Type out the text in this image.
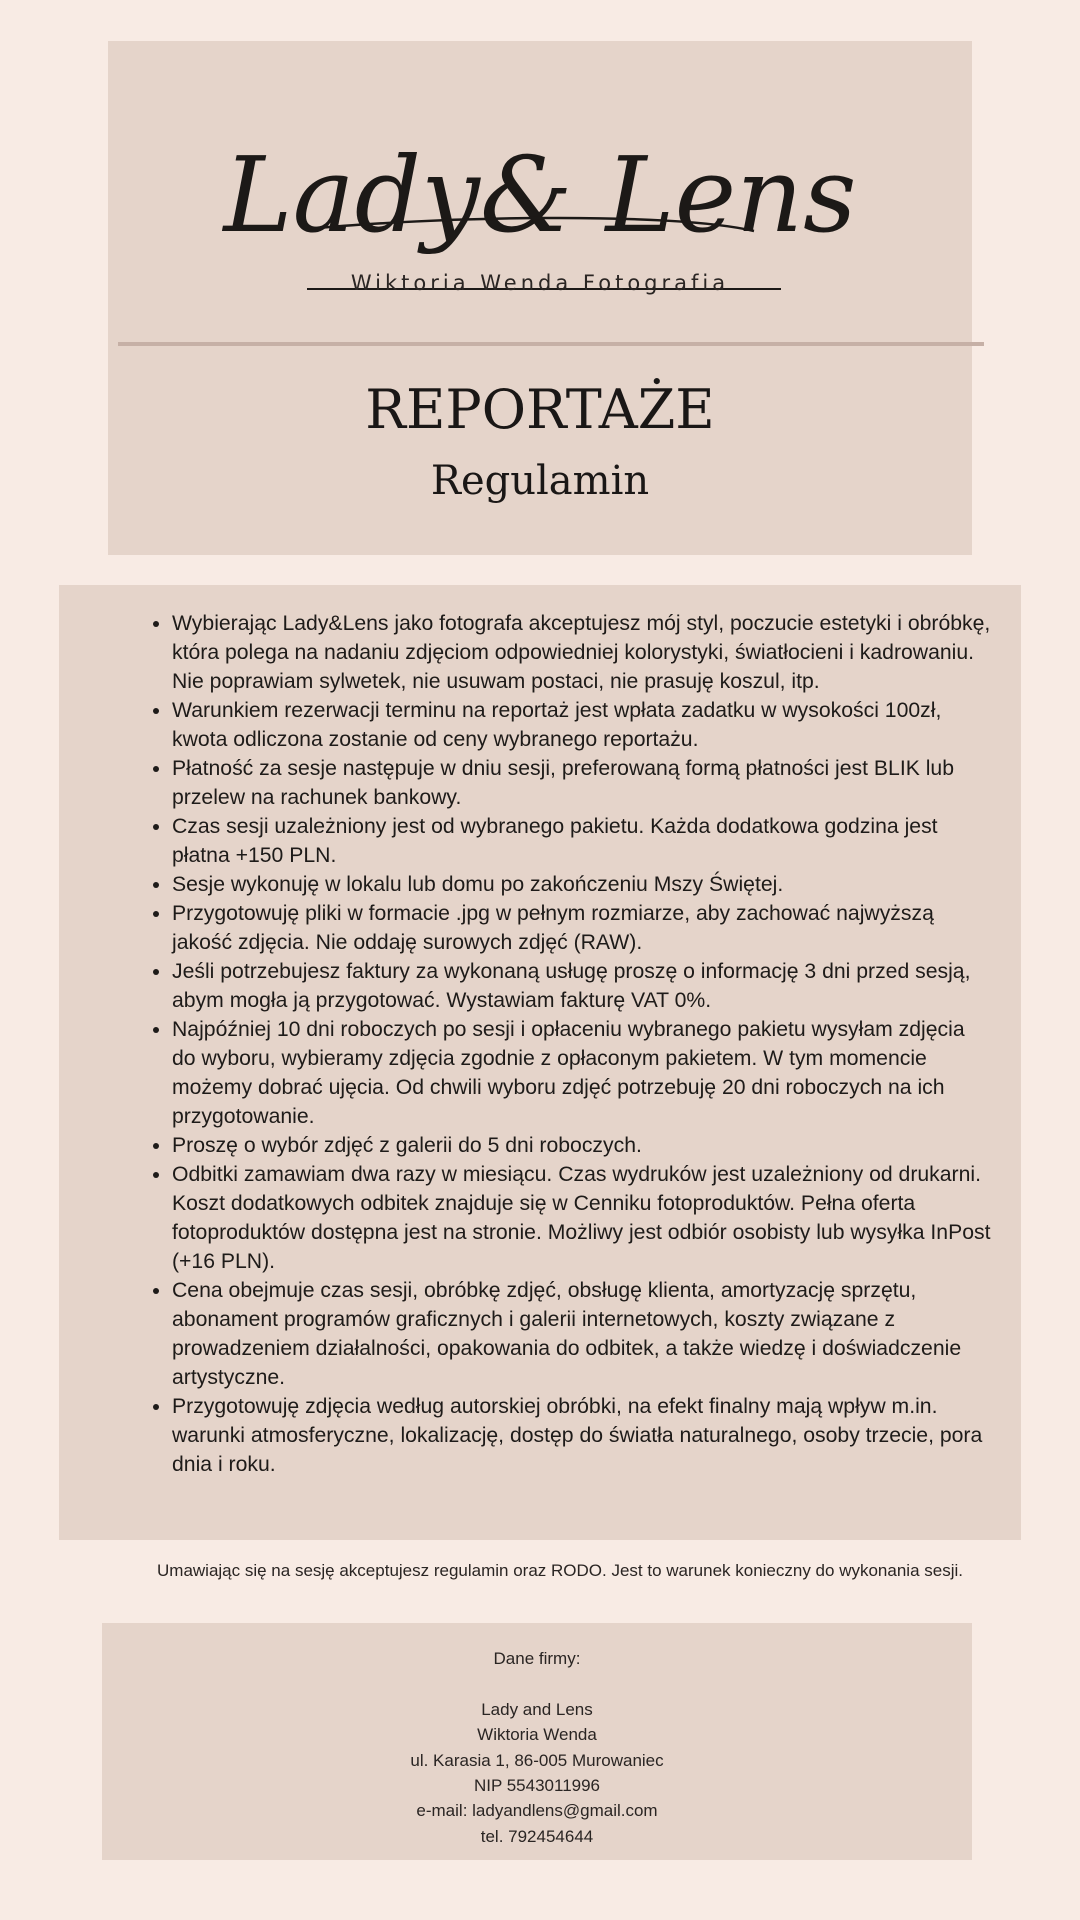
Lady& Lens
Wiktoria Wenda Fotografia
REPORTAŻE
Regulamin
• Wybierając Lady&Lens jako fotografa akceptujesz mój styl, poczucie estetyki i obróbkę, która polega na nadaniu zdjęciom odpowiedniej kolorystyki, światłocieni i kadrowaniu. Nie poprawiam sylwetek, nie usuwam postaci, nie prasuję koszul, itp.
• Warunkiem rezerwacji terminu na reportaż jest wpłata zadatku w wysokości 100zł, kwota odliczona zostanie od ceny wybranego reportażu.
• Płatność za sesje następuje w dniu sesji, preferowaną formą płatności jest BLIK lub przelew na rachunek bankowy.
• Czas sesji uzależniony jest od wybranego pakietu. Każda dodatkowa godzina jest płatna +150 PLN.
• Sesje wykonuję w lokalu lub domu po zakończeniu Mszy Świętej.
• Przygotowuję pliki w formacie .jpg w pełnym rozmiarze, aby zachować najwyższą jakość zdjęcia. Nie oddaję surowych zdjęć (RAW).
• Jeśli potrzebujesz faktury za wykonaną usługę proszę o informację 3 dni przed sesją, abym mogła ją przygotować. Wystawiam fakturę VAT 0%.
• Najpóźniej 10 dni roboczych po sesji i opłaceniu wybranego pakietu wysyłam zdjęcia do wyboru, wybieramy zdjęcia zgodnie z opłaconym pakietem. W tym momencie możemy dobrać ujęcia. Od chwili wyboru zdjęć potrzebuję 20 dni roboczych na ich przygotowanie.
• Proszę o wybór zdjęć z galerii do 5 dni roboczych.
• Odbitki zamawiam dwa razy w miesiącu. Czas wydruków jest uzależniony od drukarni. Koszt dodatkowych odbitek znajduje się w Cenniku fotoproduktów. Pełna oferta fotoproduktów dostępna jest na stronie. Możliwy jest odbiór osobisty lub wysyłka InPost (+16 PLN).
• Cena obejmuje czas sesji, obróbkę zdjęć, obsługę klienta, amortyzację sprzętu, abonament programów graficznych i galerii internetowych, koszty związane z prowadzeniem działalności, opakowania do odbitek, a także wiedzę i doświadczenie artystyczne.
• Przygotowuję zdjęcia według autorskiej obróbki, na efekt finalny mają wpływ m.in. warunki atmosferyczne, lokalizację, dostęp do światła naturalnego, osoby trzecie, pora dnia i roku.
Umawiając się na sesję akceptujesz regulamin oraz RODO. Jest to warunek konieczny do wykonania sesji.
Dane firmy:
Lady and Lens
Wiktoria Wenda
ul. Karasia 1, 86-005 Murowaniec
NIP 5543011996
e-mail: ladyandlens@gmail.com
tel. 792454644
